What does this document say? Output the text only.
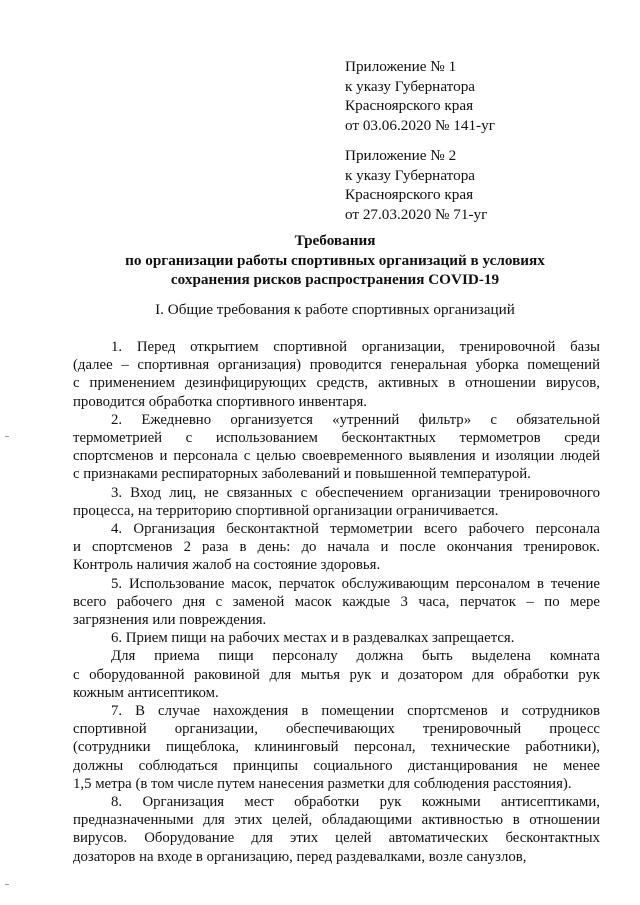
Приложение № 1
к указу Губернатора
Красноярского края
от 03.06.2020 № 141-уг
Приложение № 2
к указу Губернатора
Красноярского края
от 27.03.2020 № 71-уг
Требования
по организации работы спортивных организаций в условиях
сохранения рисков распространения COVID-19
I. Общие требования к работе спортивных организаций
1. Перед открытием спортивной организации, тренировочной базы
(далее – спортивная организация) проводится генеральная уборка помещений
с применением дезинфицирующих средств, активных в отношении вирусов,
проводится обработка спортивного инвентаря.
2. Ежедневно организуется «утренний фильтр» с обязательной
термометрией с использованием бесконтактных термометров среди
спортсменов и персонала с целью своевременного выявления и изоляции людей
с признаками респираторных заболеваний и повышенной температурой.
3. Вход лиц, не связанных с обеспечением организации тренировочного
процесса, на территорию спортивной организации ограничивается.
4. Организация бесконтактной термометрии всего рабочего персонала
и спортсменов 2 раза в день: до начала и после окончания тренировок.
Контроль наличия жалоб на состояние здоровья.
5. Использование масок, перчаток обслуживающим персоналом в течение
всего рабочего дня с заменой масок каждые 3 часа, перчаток – по мере
загрязнения или повреждения.
6. Прием пищи на рабочих местах и в раздевалках запрещается.
Для приема пищи персоналу должна быть выделена комната
с оборудованной раковиной для мытья рук и дозатором для обработки рук
кожным антисептиком.
7. В случае нахождения в помещении спортсменов и сотрудников
спортивной организации, обеспечивающих тренировочный процесс
(сотрудники пищеблока, клининговый персонал, технические работники),
должны соблюдаться принципы социального дистанцирования не менее
1,5 метра (в том числе путем нанесения разметки для соблюдения расстояния).
8. Организация мест обработки рук кожными антисептиками,
предназначенными для этих целей, обладающими активностью в отношении
вирусов. Оборудование для этих целей автоматических бесконтактных
дозаторов на входе в организацию, перед раздевалками, возле санузлов,
